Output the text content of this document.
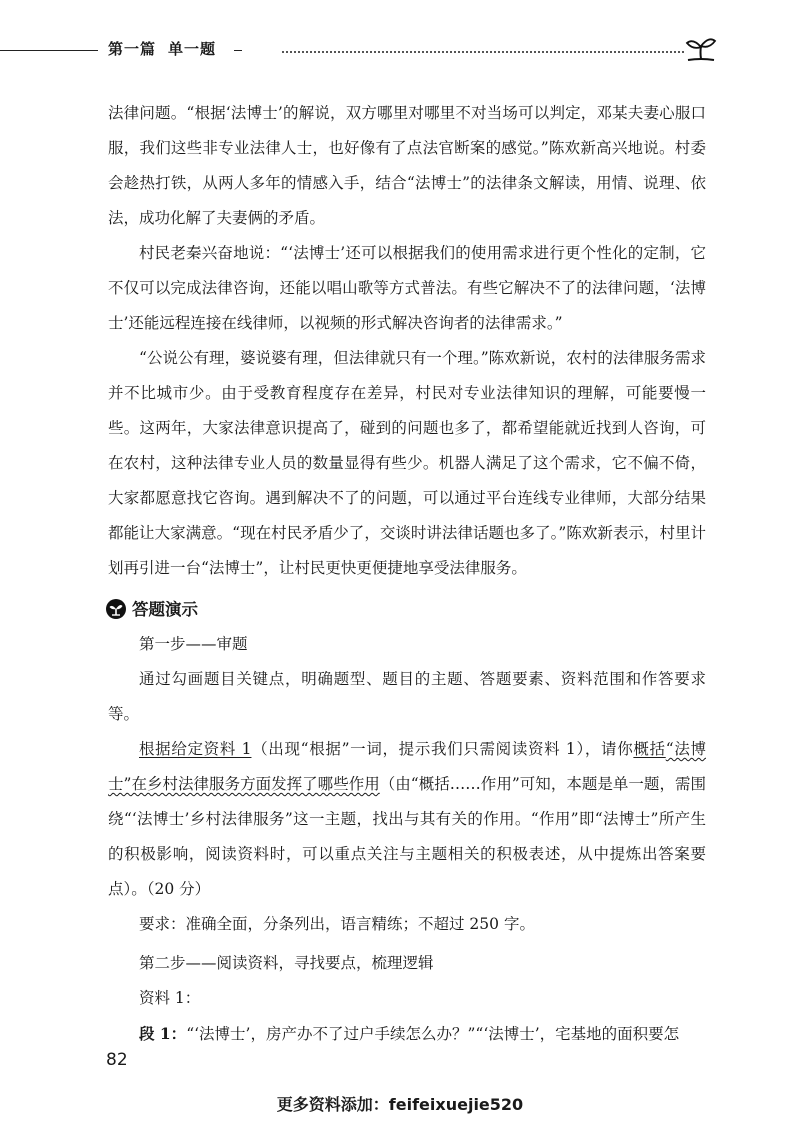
第一篇 单一题

法律问题。“根据‘法博士’的解说，双方哪里对哪里不对当场可以判定，邓某夫妻心服口服，我们这些非专业法律人士，也好像有了点法官断案的感觉。”陈欢新高兴地说。村委会趁热打铁，从两人多年的情感入手，结合“法博士”的法律条文解读，用情、说理、依法，成功化解了夫妻俩的矛盾。

村民老秦兴奋地说：“‘法博士’还可以根据我们的使用需求进行更个性化的定制，它不仅可以完成法律咨询，还能以唱山歌等方式普法。有些它解决不了的法律问题，‘法博士’还能远程连接在线律师，以视频的形式解决咨询者的法律需求。”

“公说公有理，婆说婆有理，但法律就只有一个理。”陈欢新说，农村的法律服务需求并不比城市少。由于受教育程度存在差异，村民对专业法律知识的理解，可能要慢一些。这两年，大家法律意识提高了，碰到的问题也多了，都希望能就近找到人咨询，可在农村，这种法律专业人员的数量显得有些少。机器人满足了这个需求，它不偏不倚，大家都愿意找它咨询。遇到解决不了的问题，可以通过平台连线专业律师，大部分结果都能让大家满意。“现在村民矛盾少了，交谈时讲法律话题也多了。”陈欢新表示，村里计划再引进一台“法博士”，让村民更快更便捷地享受法律服务。

答题演示

第一步——审题

通过勾画题目关键点，明确题型、题目的主题、答题要素、资料范围和作答要求等。

根据给定资料 1（出现“根据”一词，提示我们只需阅读资料 1），请你概括“法博士”在乡村法律服务方面发挥了哪些作用（由“概括……作用”可知，本题是单一题，需围绕“‘法博士’乡村法律服务”这一主题，找出与其有关的作用。“作用”即“法博士”所产生的积极影响，阅读资料时，可以重点关注与主题相关的积极表述，从中提炼出答案要点）。（20 分）

要求：准确全面，分条列出，语言精练；不超过 250 字。

第二步——阅读资料，寻找要点，梳理逻辑

资料 1：

段 1：“‘法博士’，房产办不了过户手续怎么办？”“‘法博士’，宅基地的面积要怎

82
更多资料添加：feifeixuejie520
